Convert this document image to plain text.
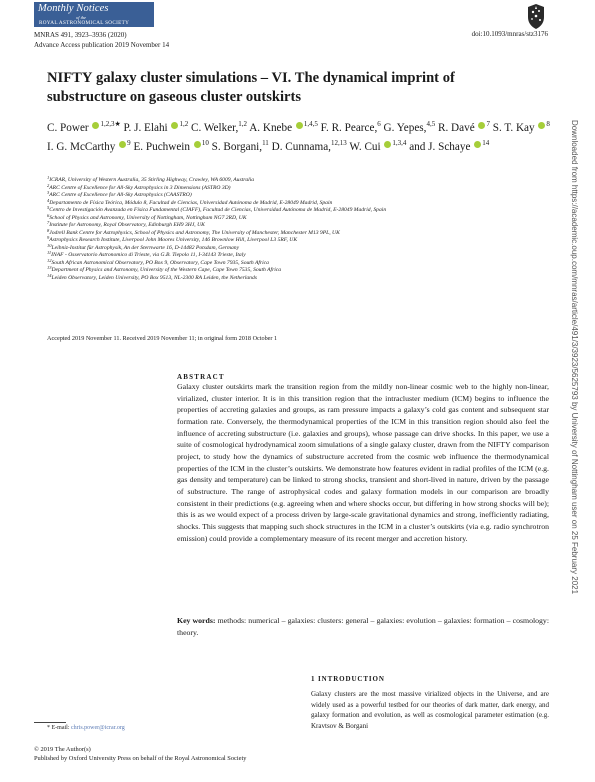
Monthly Notices
of the
ROYAL ASTRONOMICAL SOCIETY
MNRAS 491, 3923–3936 (2020)
Advance Access publication 2019 November 14
doi:10.1093/mnras/stz3176
NIFTY galaxy cluster simulations – VI. The dynamical imprint of substructure on gaseous cluster outskirts
C. Power $^{1,2,3★}$ P. J. Elahi $^{1,2}$ C. Welker,$^{1,2}$ A. Knebe $^{1,4,5}$ F. R. Pearce,$^6$ G. Yepes,$^{4,5}$ R. Davé $^7$ S. T. Kay $^8$ I. G. McCarthy $^9$ E. Puchwein $^{10}$ S. Borgani,$^{11}$ D. Cunnama,$^{12,13}$ W. Cui $^{1,3,4}$ and J. Schaye $^{14}$
$^1$ICRAR, University of Western Australia, 35 Stirling Highway, Crawley, WA 6009, Australia
$^2$ARC Centre of Excellence for All-Sky Astrophysics in 3 Dimensions (ASTRO 3D)
$^3$ARC Centre of Excellence for All-Sky Astrophysics (CAASTRO)
$^4$Departamento de Física Teórica, Módulo 8, Facultad de Ciencias, Universidad Autónoma de Madrid, E-28049 Madrid, Spain
$^5$Centro de Investigación Avanzada en Física Fundamental (CIAFF), Facultad de Ciencias, Universidad Autónoma de Madrid, E-28049 Madrid, Spain
$^6$School of Physics and Astronomy, University of Nottingham, Nottingham NG7 2RD, UK
$^7$Institute for Astronomy, Royal Observatory, Edinburgh EH9 3HJ, UK
$^8$Jodrell Bank Centre for Astrophysics, School of Physics and Astronomy, The University of Manchester, Manchester M13 9PL, UK
$^9$Astrophysics Research Institute, Liverpool John Moores University, 146 Brownlow Hill, Liverpool L3 5RF, UK
$^{10}$Leibniz-Institut für Astrophysik, An der Sternwarte 16, D-14482 Potsdam, Germany
$^{11}$INAF - Osservatorio Astronomico di Trieste, via G.B. Tiepolo 11, I-34143 Trieste, Italy
$^{12}$South African Astronomical Observatory, PO Box 9, Observatory, Cape Town 7935, South Africa
$^{13}$Department of Physics and Astronomy, University of the Western Cape, Cape Town 7535, South Africa
$^{14}$Leiden Observatory, Leiden University, PO Box 9513, NL-2300 RA Leiden, the Netherlands
Accepted 2019 November 11. Received 2019 November 11; in original form 2018 October 1
ABSTRACT

Galaxy cluster outskirts mark the transition region from the mildly non-linear cosmic web to the highly non-linear, virialized, cluster interior. It is in this transition region that the intracluster medium (ICM) begins to influence the properties of accreting galaxies and groups, as ram pressure impacts a galaxy’s cold gas content and subsequent star formation rate. Conversely, the thermodynamical properties of the ICM in this transition region should also feel the influence of accreting substructure (i.e. galaxies and groups), whose passage can drive shocks. In this paper, we use a suite of cosmological hydrodynamical zoom simulations of a single galaxy cluster, drawn from the NIFTY comparison project, to study how the dynamics of substructure accreted from the cosmic web influence the thermodynamical properties of the ICM in the cluster’s outskirts. We demonstrate how features evident in radial profiles of the ICM (e.g. gas density and temperature) can be linked to strong shocks, transient and short-lived in nature, driven by the passage of substructure. The range of astrophysical codes and galaxy formation models in our comparison are broadly consistent in their predictions (e.g. agreeing when and where shocks occur, but differing in how strong shocks will be); this is as we would expect of a process driven by large-scale gravitational dynamics and strong, inefficiently radiating, shocks. This suggests that mapping such shock structures in the ICM in a cluster’s outskirts (via e.g. radio synchrotron emission) could provide a complementary measure of its recent merger and accretion history.

Key words: methods: numerical – galaxies: clusters: general – galaxies: evolution – galaxies: formation – cosmology: theory.

1 INTRODUCTION

Galaxy clusters are the most massive virialized objects in the Universe, and are widely used as a powerful testbed for our theories of dark matter, dark energy, and galaxy formation and evolution, as well as cosmological parameter estimation (e.g. Kravtsov & Borgani

* E-mail: chris.power@icrar.org
© 2019 The Author(s)
Published by Oxford University Press on behalf of the Royal Astronomical Society
Downloaded from https://academic.oup.com/mnras/article/491/3/3923/5625793 by University of Nottingham user on 25 February 2021
